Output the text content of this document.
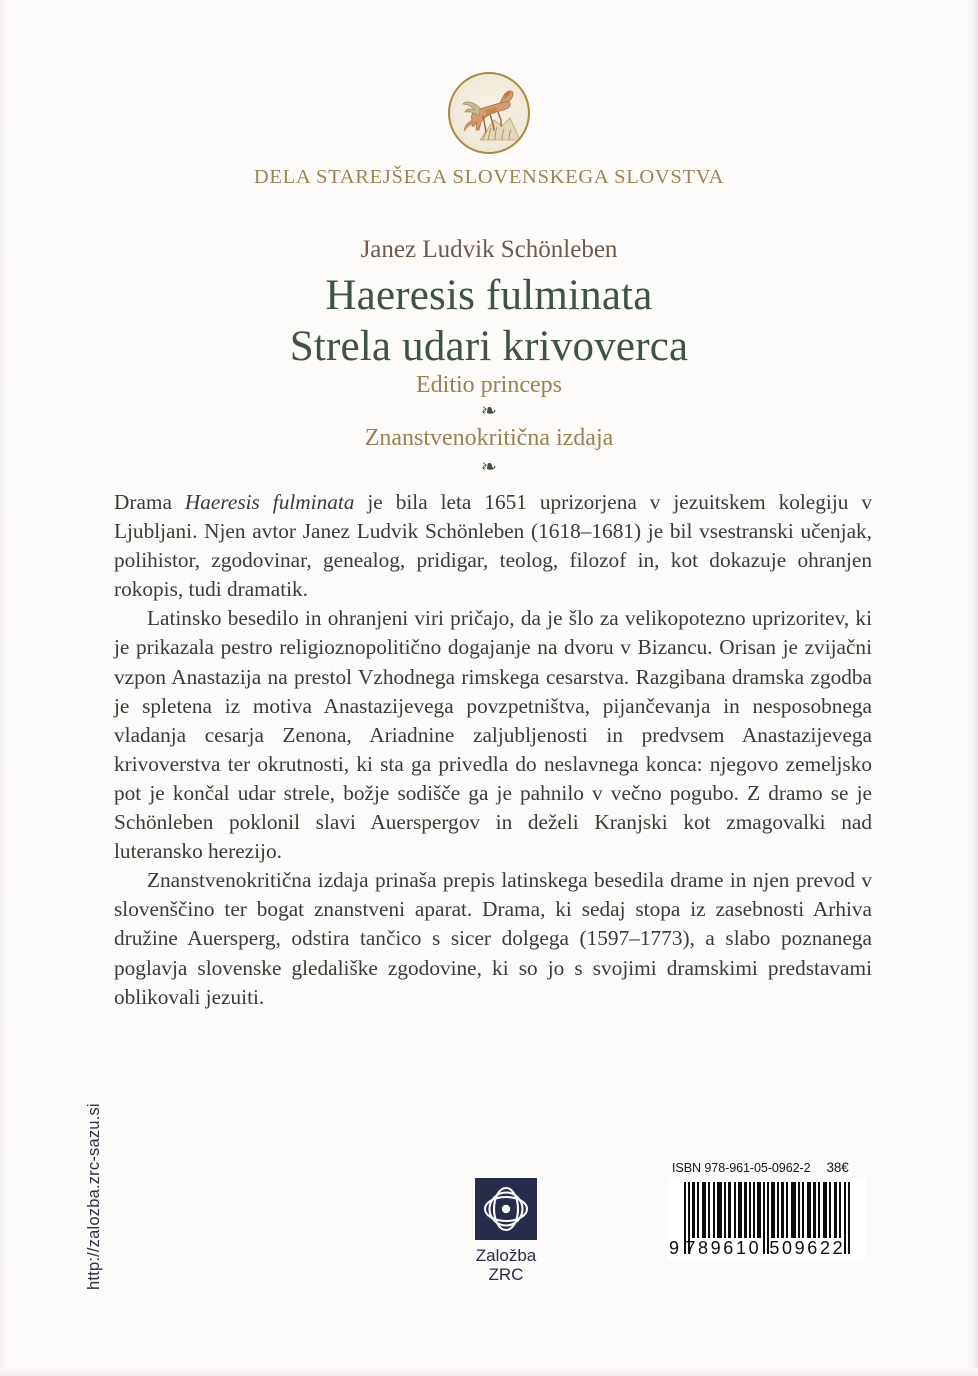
DELA STAREJŠEGA SLOVENSKEGA SLOVSTVA
Janez Ludvik Schönleben
Haeresis fulminata
Strela udari krivoverca
Editio princeps
❧
Znanstvenokritična izdaja
❧

Drama Haeresis fulminata je bila leta 1651 uprizorjena v jezuitskem kolegiju v Ljubljani. Njen avtor Janez Ludvik Schönleben (1618–1681) je bil vsestranski učenjak, polihistor, zgodovinar, genealog, pridigar, teolog, filozof in, kot dokazuje ohranjen rokopis, tudi dramatik.

Latinsko besedilo in ohranjeni viri pričajo, da je šlo za velikopotezno uprizoritev, ki je prikazala pestro religioznopolitično dogajanje na dvoru v Bizancu. Orisan je zvijačni vzpon Anastazija na prestol Vzhodnega rimskega cesarstva. Razgibana dramska zgodba je spletena iz motiva Anastazijevega povzpetništva, pijančevanja in nesposobnega vladanja cesarja Zenona, Ariadnine zaljubljenosti in predvsem Anastazijevega krivoverstva ter okrutnosti, ki sta ga privedla do neslavnega konca: njegovo zemeljsko pot je končal udar strele, božje sodišče ga je pahnilo v večno pogubo. Z dramo se je Schönleben poklonil slavi Auerspergov in deželi Kranjski kot zmagovalki nad luteransko herezijo.

Znanstvenokritična izdaja prinaša prepis latinskega besedila drame in njen prevod v slovenščino ter bogat znanstveni aparat. Drama, ki sedaj stopa iz zasebnosti Arhiva družine Auersperg, odstira tančico s sicer dolgega (1597–1773), a slabo poznanega poglavja slovenske gledališke zgodovine, ki so jo s svojimi dramskimi predstavami oblikovali jezuiti.

http://zalozba.zrc-sazu.si	Založba
ZRC
ISBN 978-961-05-0962-2 38€
9 7 8 9 6 1 0 5 0 9 6 2 2
